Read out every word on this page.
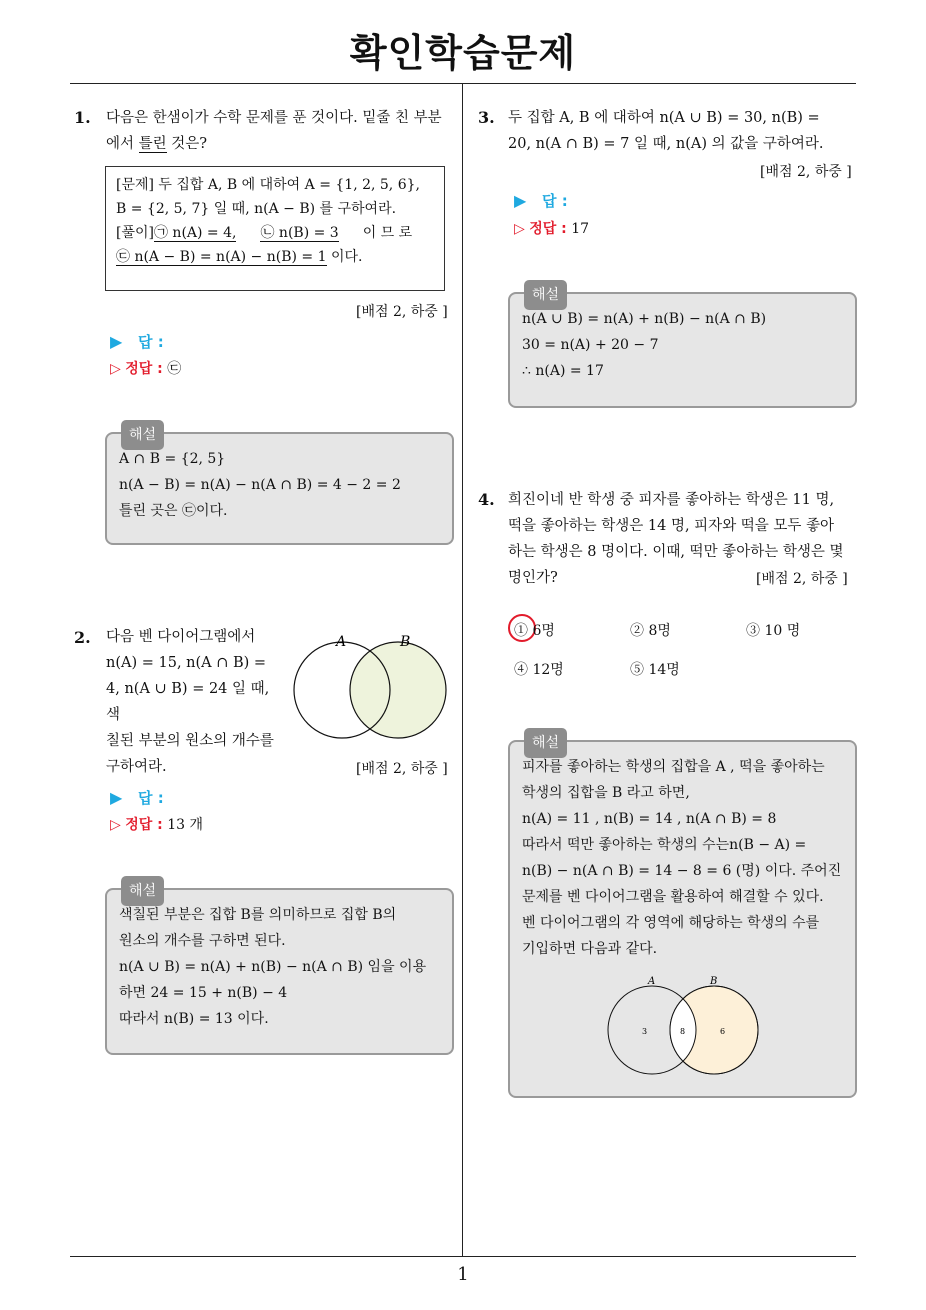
확인학습문제
1. 다음은 한샘이가 수학 문제를 푼 것이다. 밑줄 친 부분
에서 틀린 것은?
[문제] 두 집합 A, B 에 대하여 A = {1, 2, 5, 6},
B = {2, 5, 7} 일 때, n(A − B) 를 구하여라.
[풀이]㉠ n(A) = 4, ㉡ n(B) = 3 이 므 로
㉢ n(A − B) = n(A) − n(B) = 1 이다.
[배점 2, 하중 ]
▶ 답 :
▷ 정답 : ㉢
해설
A ∩ B = {2, 5}
n(A − B) = n(A) − n(A ∩ B) = 4 − 2 = 2
틀린 곳은 ㉢이다.
2. 다음 벤 다이어그램에서
n(A) = 15, n(A ∩ B) =
4, n(A ∪ B) = 24 일 때, 색
칠된 부분의 원소의 개수를
구하여라.
A	B
[배점 2, 하중 ]
▶ 답 :
▷ 정답 : 13 개
해설
색칠된 부분은 집합 B를 의미하므로 집합 B의
원소의 개수를 구하면 된다.
n(A ∪ B) = n(A) + n(B) − n(A ∩ B) 임을 이용
하면 24 = 15 + n(B) − 4
따라서 n(B) = 13 이다.
3. 두 집합 A, B 에 대하여 n(A ∪ B) = 30, n(B) =
20, n(A ∩ B) = 7 일 때, n(A) 의 값을 구하여라.
[배점 2, 하중 ]
▶ 답 :
▷ 정답 : 17
해설
n(A ∪ B) = n(A) + n(B) − n(A ∩ B)
30 = n(A) + 20 − 7
∴ n(A) = 17
4. 희진이네 반 학생 중 피자를 좋아하는 학생은 11 명,
떡을 좋아하는 학생은 14 명, 피자와 떡을 모두 좋아
하는 학생은 8 명이다. 이때, 떡만 좋아하는 학생은 몇
명인가?	[배점 2, 하중 ]
① 6명	② 8명	③ 10 명
④ 12명	⑤ 14명
해설
피자를 좋아하는 학생의 집합을 A , 떡을 좋아하는
학생의 집합을 B 라고 하면,
n(A) = 11 , n(B) = 14 , n(A ∩ B) = 8
따라서 떡만 좋아하는 학생의 수는n(B − A) =
n(B) − n(A ∩ B) = 14 − 8 = 6 (명) 이다. 주어진
문제를 벤 다이어그램을 활용하여 해결할 수 있다.
벤 다이어그램의 각 영역에 해당하는 학생의 수를
기입하면 다음과 같다.
A	B
3	8	6
1
